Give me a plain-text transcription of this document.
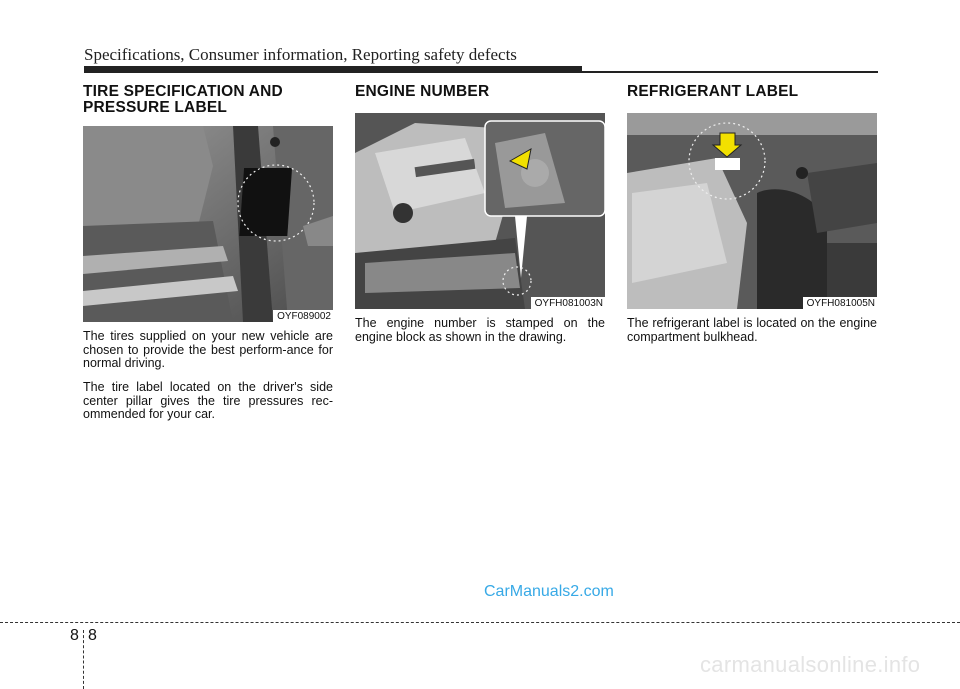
Specifications, Consumer information, Reporting safety defects
TIRE SPECIFICATION AND
PRESSURE LABEL
OYF089002

The tires supplied on your new vehicle are chosen to provide the best perform-ance for normal driving.

The tire label located on the driver's side center pillar gives the tire pressures rec-ommended for your car.

ENGINE NUMBER
OYFH081003N

The engine number is stamped on the engine block as shown in the drawing.

REFRIGERANT LABEL
OYFH081005N

The refrigerant label is located on the engine compartment bulkhead.

CarManuals2.com
8 8
carmanualsonline.info
